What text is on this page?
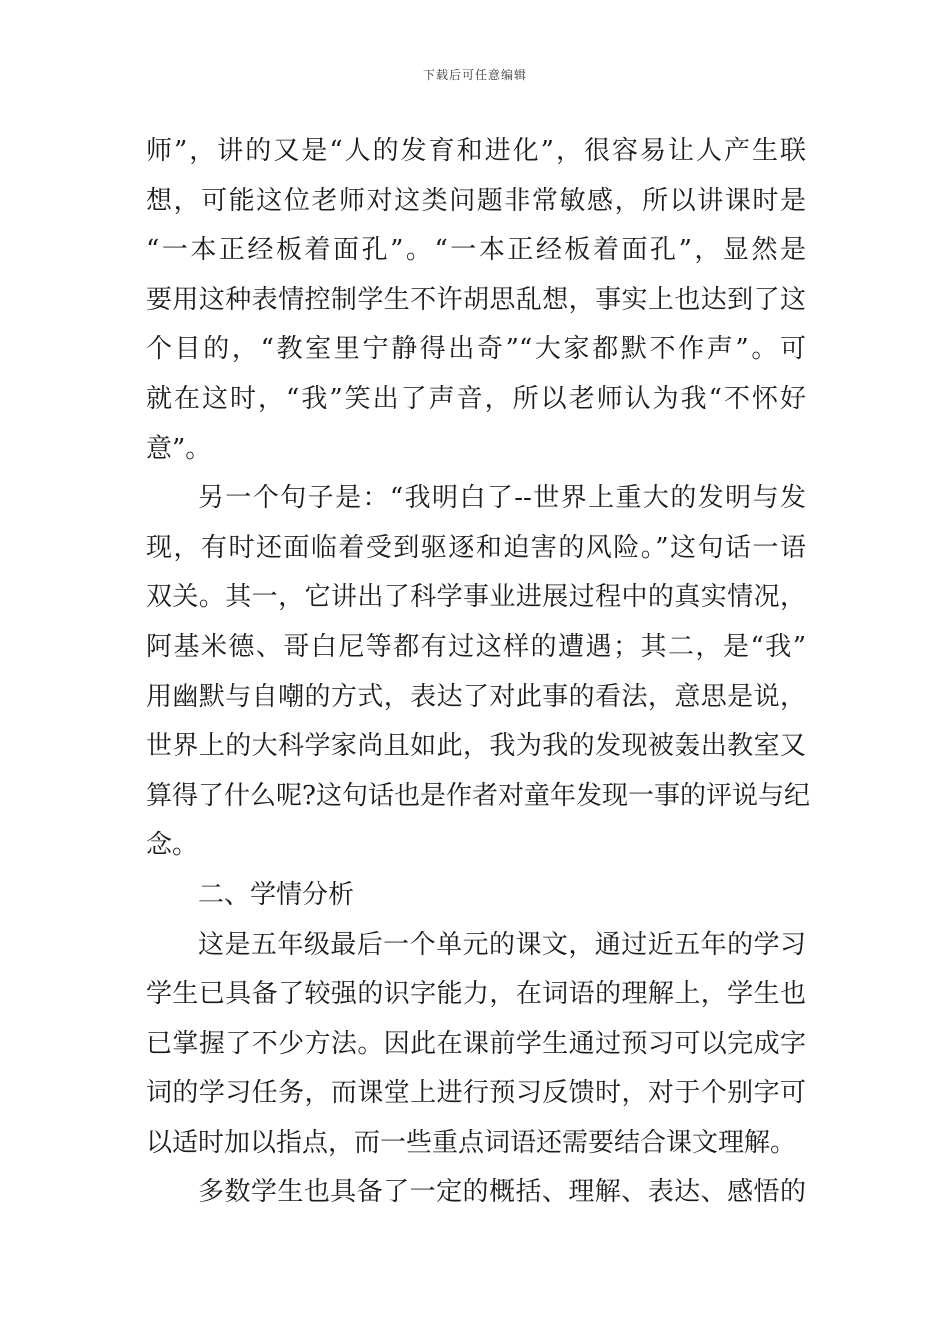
下载后可任意编辑
师”，讲的又是“人的发育和进化”，很容易让人产生联
想，可能这位老师对这类问题非常敏感，所以讲课时是
“一本正经板着面孔”。“一本正经板着面孔”，显然是
要用这种表情控制学生不许胡思乱想，事实上也达到了这
个目的，“教室里宁静得出奇”“大家都默不作声”。可
就在这时，“我”笑出了声音，所以老师认为我“不怀好
意”。
另一个句子是：“我明白了--世界上重大的发明与发
现，有时还面临着受到驱逐和迫害的风险。”这句话一语
双关。其一，它讲出了科学事业进展过程中的真实情况，
阿基米德、哥白尼等都有过这样的遭遇；其二，是“我”
用幽默与自嘲的方式，表达了对此事的看法，意思是说，
世界上的大科学家尚且如此，我为我的发现被轰出教室又
算得了什么呢?这句话也是作者对童年发现一事的评说与纪
念。
二、学情分析
这是五年级最后一个单元的课文，通过近五年的学习
学生已具备了较强的识字能力，在词语的理解上，学生也
已掌握了不少方法。因此在课前学生通过预习可以完成字
词的学习任务，而课堂上进行预习反馈时，对于个别字可
以适时加以指点，而一些重点词语还需要结合课文理解。
多数学生也具备了一定的概括、理解、表达、感悟的
